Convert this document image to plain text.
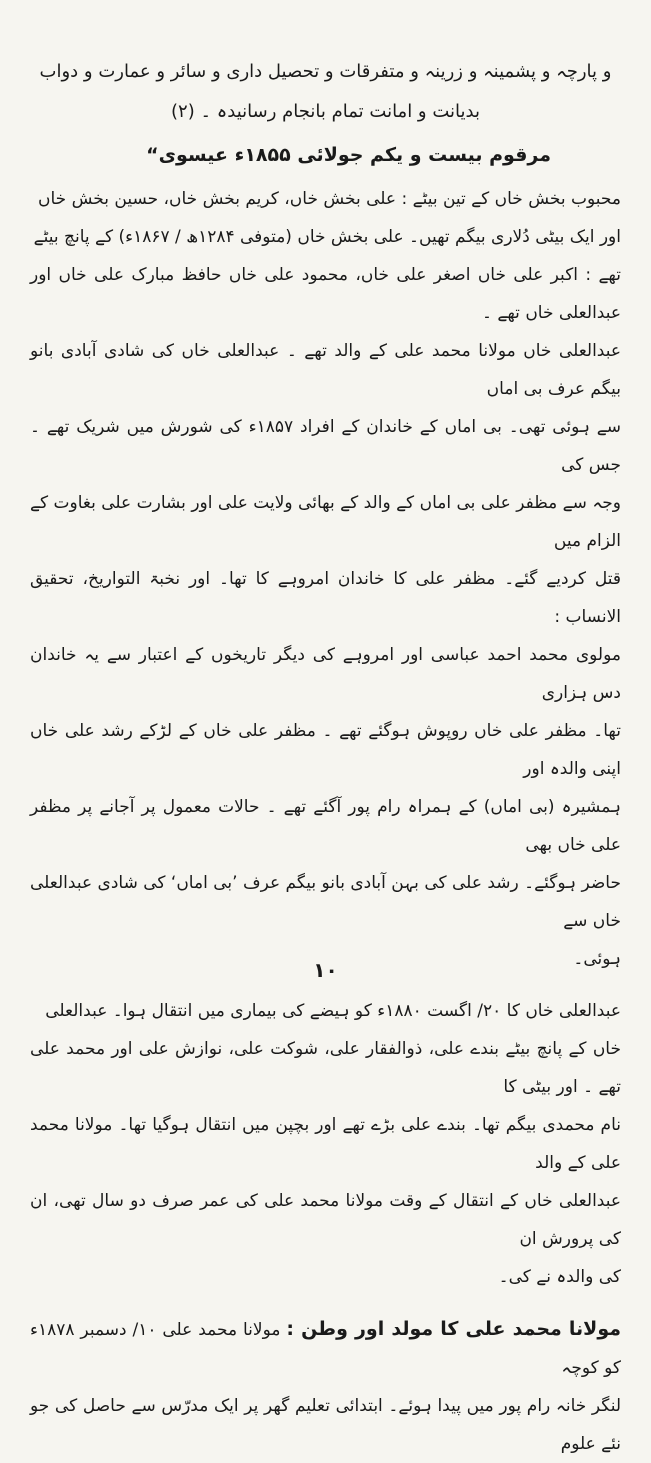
و پارچہ و پشمینہ و زرینہ و متفرقات و تحصیل داری و سائر و عمارت و دواب
بدیانت و امانت تمام بانجام رسانیدہ ۔ (۲)
مرقوم بیست و یکم جولائی ۱۸۵۵ء عیسوی“
محبوب بخش خاں کے تین بیٹے : علی بخش خاں، کریم بخش خاں، حسین بخش خاں
اور ایک بیٹی دُلاری بیگم تھیں۔ علی بخش خاں (متوفی ۱۲۸۴ھ / ۱۸۶۷ء) کے پانچ بیٹے
تھے : اکبر علی خاں اصغر علی خاں، محمود علی خاں حافظ مبارک علی خاں اور عبدالعلی خاں تھے ۔
عبدالعلی خاں مولانا محمد علی کے والد تھے ۔ عبدالعلی خاں کی شادی آبادی بانو بیگم عرف بی اماں
سے ہوئی تھی۔ بی اماں کے خاندان کے افراد ۱۸۵۷ء کی شورش میں شریک تھے ۔ جس کی
وجہ سے مظفر علی بی اماں کے والد کے بھائی ولایت علی اور بشارت علی بغاوت کے الزام میں
قتل کردیے گئے۔ مظفر علی کا خاندان امروہے کا تھا۔ اور نخبۃ التواریخ، تحقیق الانساب :
مولوی محمد احمد عباسی اور امروہے کی دیگر تاریخوں کے اعتبار سے یہ خاندان دس ہزاری
تھا۔ مظفر علی خاں روپوش ہوگئے تھے ۔ مظفر علی خاں کے لڑکے رشد علی خاں اپنی والدہ اور
ہمشیرہ (بی اماں) کے ہمراہ رام پور آگئے تھے ۔ حالات معمول پر آجانے پر مظفر علی خاں بھی
حاضر ہوگئے۔ رشد علی کی بہن آبادی بانو بیگم عرف ’بی اماں‘ کی شادی عبدالعلی خاں سے
ہوئی۔
عبدالعلی خاں کا ۲۰/ اگست ۱۸۸۰ء کو ہیضے کی بیماری میں انتقال ہوا۔ عبدالعلی
خاں کے پانچ بیٹے بندے علی، ذوالفقار علی، شوکت علی، نوازش علی اور محمد علی تھے ۔ اور بیٹی کا
نام محمدی بیگم تھا۔ بندے علی بڑے تھے اور بچپن میں انتقال ہوگیا تھا۔ مولانا محمد علی کے والد
عبدالعلی خاں کے انتقال کے وقت مولانا محمد علی کی عمر صرف دو سال تھی، ان کی پرورش ان
کی والدہ نے کی۔
مولانا محمد علی کا مولد اور وطن : مولانا محمد علی ۱۰/ دسمبر ۱۸۷۸ء کو کوچہ
لنگر خانہ رام پور میں پیدا ہوئے۔ ابتدائی تعلیم گھر پر ایک مدرّس سے حاصل کی جو نئے علوم
۱۰
